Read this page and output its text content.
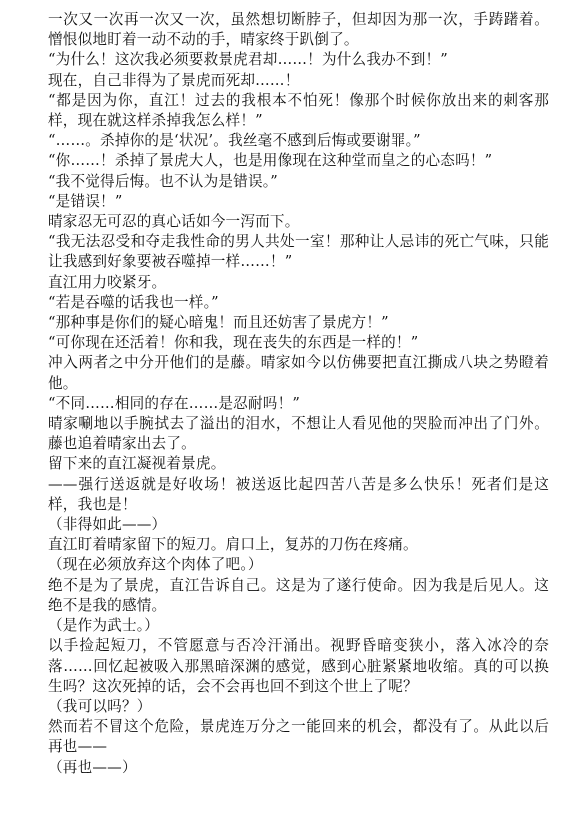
一次又一次再一次又一次，虽然想切断脖子，但却因为那一次，手踌躇着。憎恨似地盯着一动不动的手，晴家终于趴倒了。

“为什么！这次我必须要救景虎君却……！为什么我办不到！”

现在，自己非得为了景虎而死却……！

“都是因为你，直江！过去的我根本不怕死！像那个时候你放出来的刺客那样，现在就这样杀掉我怎么样！”

“……。杀掉你的是‘状况’。我丝毫不感到后悔或要谢罪。”

“你……！杀掉了景虎大人，也是用像现在这种堂而皇之的心态吗！”

“我不觉得后悔。也不认为是错误。”

“是错误！”

晴家忍无可忍的真心话如今一泻而下。

“我无法忍受和夺走我性命的男人共处一室！那种让人忌讳的死亡气味，只能让我感到好象要被吞噬掉一样……！”

直江用力咬紧牙。

“若是吞噬的话我也一样。”

“那种事是你们的疑心暗鬼！而且还妨害了景虎方！”

“可你现在还活着！你和我，现在丧失的东西是一样的！”

冲入两者之中分开他们的是藤。晴家如今以仿佛要把直江撕成八块之势瞪着他。

“不同……相同的存在……是忍耐吗！”

晴家唰地以手腕拭去了溢出的泪水，不想让人看见他的哭脸而冲出了门外。藤也追着晴家出去了。

留下来的直江凝视着景虎。

——强行送返就是好收场！被送返比起四苦八苦是多么快乐！死者们是这样，我也是！

（非得如此——）

直江盯着晴家留下的短刀。肩口上，复苏的刀伤在疼痛。

（现在必须放弃这个肉体了吧。）

绝不是为了景虎，直江告诉自己。这是为了遂行使命。因为我是后见人。这绝不是我的感情。

（是作为武士。）

以手捡起短刀，不管愿意与否冷汗涌出。视野昏暗变狭小，落入冰冷的奈落……回忆起被吸入那黑暗深渊的感觉，感到心脏紧紧地收缩。真的可以换生吗？这次死掉的话，会不会再也回不到这个世上了呢？

（我可以吗？）

然而若不冒这个危险，景虎连万分之一能回来的机会，都没有了。从此以后再也——

（再也——）
